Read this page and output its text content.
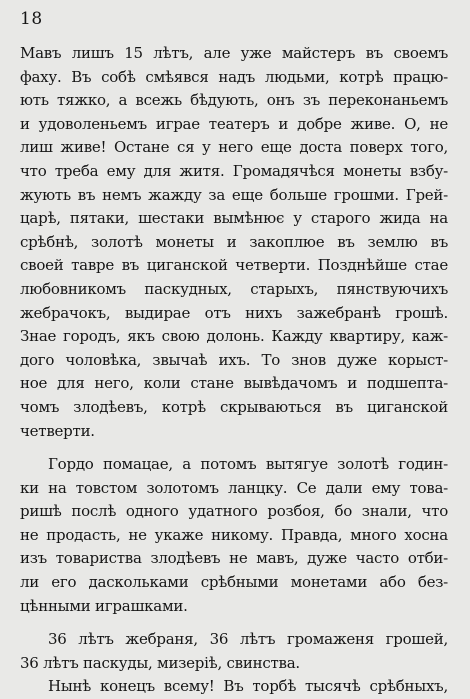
18
Мавъ лишъ 15 лѣтъ, але уже майстеръ въ своемъ
фаху. Въ собѣ смѣявся надъ людьми, котрѣ працю-
ють тяжко, а всежь бѣдують, онъ зъ переконаньемъ
и удоволеньемъ играе театеръ и добре живе. О, не
лиш живе! Остане ся у него еще доста поверх того,
что треба ему для житя. Громадячѣся монеты взбу-
жують въ немъ жажду за еще больше грошми. Грей-
царѣ, пятаки, шестаки вымѣнює у старого жида на
срѣбнѣ, золотѣ монеты и закоплюе въ землю въ
своей тавре въ циганской четверти. Позднѣйше стае
любовникомъ паскудных, старыхъ, пянствуючихъ
жебрачокъ, выдирае отъ нихъ зажебранѣ грошѣ.
Знае городъ, якъ свою долонь. Кажду квартиру, каж-
дого чоловѣка, звычаѣ ихъ. То знов дуже корыст-
ное для него, коли стане вывѣдачомъ и подшепта-
чомъ злодѣевъ, котрѣ скрываються въ циганской
четверти.
Гордо помацае, а потомъ вытягуе золотѣ годин-
ки на товстом золотомъ ланцку. Се дали ему това-
ришѣ послѣ одного удатного розбоя, бо знали, что
не продасть, не укаже никому. Правда, много хосна
изъ товариства злодѣевъ не мавъ, дуже часто отби-
ли его даскольками срѣбными монетами або без-
цѣнными играшками.
36 лѣтъ жебраня, 36 лѣтъ громаженя грошей,
36 лѣтъ паскуды, мизерiѣ, свинства.
Нынѣ конецъ всему! Въ торбѣ тысячѣ срѣбныхъ,
